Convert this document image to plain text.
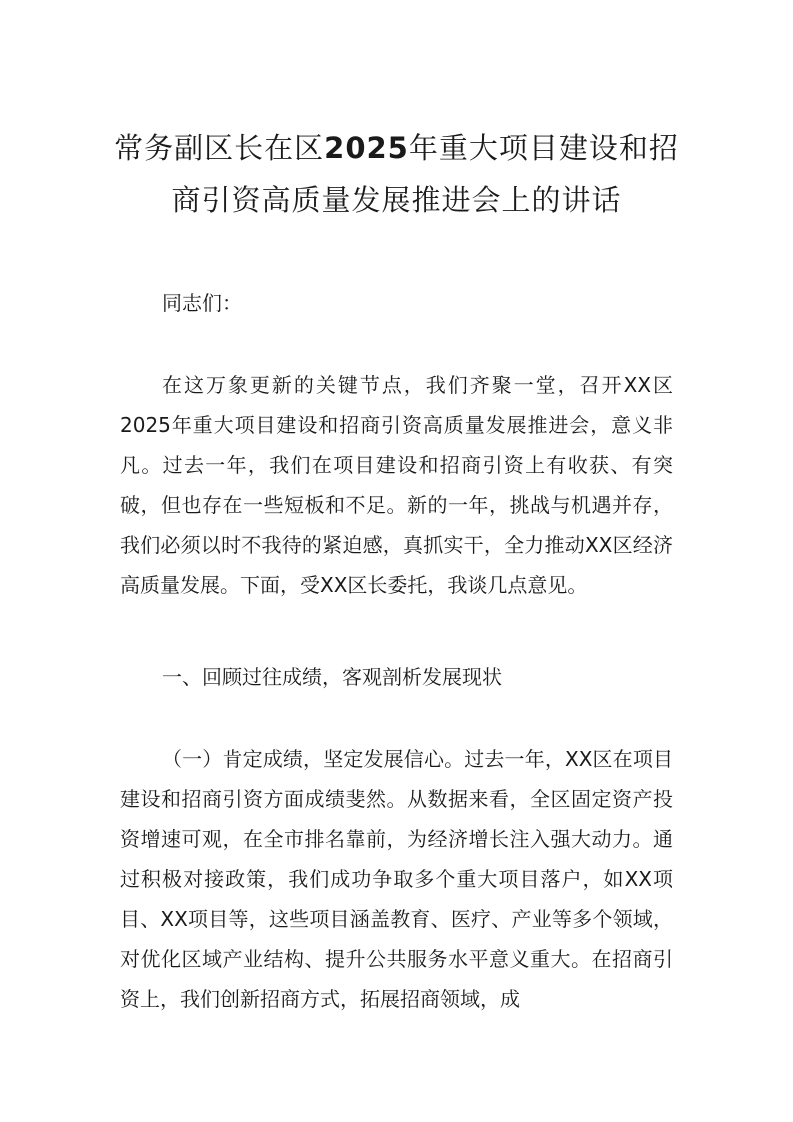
常务副区长在区2025年重大项目建设和招
商引资高质量发展推进会上的讲话

同志们：

在这万象更新的关键节点，我们齐聚一堂，召开XX区2025年重大项目建设和招商引资高质量发展推进会，意义非凡。过去一年，我们在项目建设和招商引资上有收获、有突破，但也存在一些短板和不足。新的一年，挑战与机遇并存，我们必须以时不我待的紧迫感，真抓实干，全力推动XX区经济高质量发展。下面，受XX区长委托，我谈几点意见。

一、回顾过往成绩，客观剖析发展现状

（一）肯定成绩，坚定发展信心。过去一年，XX区在项目建设和招商引资方面成绩斐然。从数据来看，全区固定资产投资增速可观，在全市排名靠前，为经济增长注入强大动力。通过积极对接政策，我们成功争取多个重大项目落户，如XX项目、XX项目等，这些项目涵盖教育、医疗、产业等多个领域，对优化区域产业结构、提升公共服务水平意义重大。在招商引资上，我们创新招商方式，拓展招商领域，成
